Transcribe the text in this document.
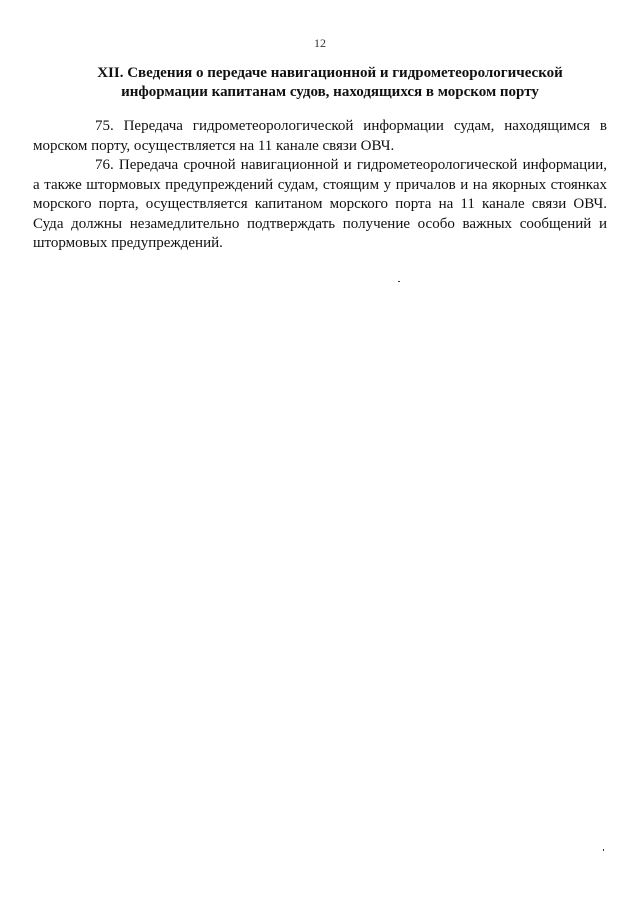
12
XII. Сведения о передаче навигационной и гидрометеорологической
информации капитанам судов, находящихся в морском порту

75. Передача гидрометеорологической информации судам, находящимся в морском порту, осуществляется на 11 канале связи ОВЧ.

76. Передача срочной навигационной и гидрометеорологической информации, а также штормовых предупреждений судам, стоящим у причалов и на якорных стоянках морского порта, осуществляется капитаном морского порта на 11 канале связи ОВЧ. Суда должны незамедлительно подтверждать получение особо важных сообщений и штормовых предупреждений.
